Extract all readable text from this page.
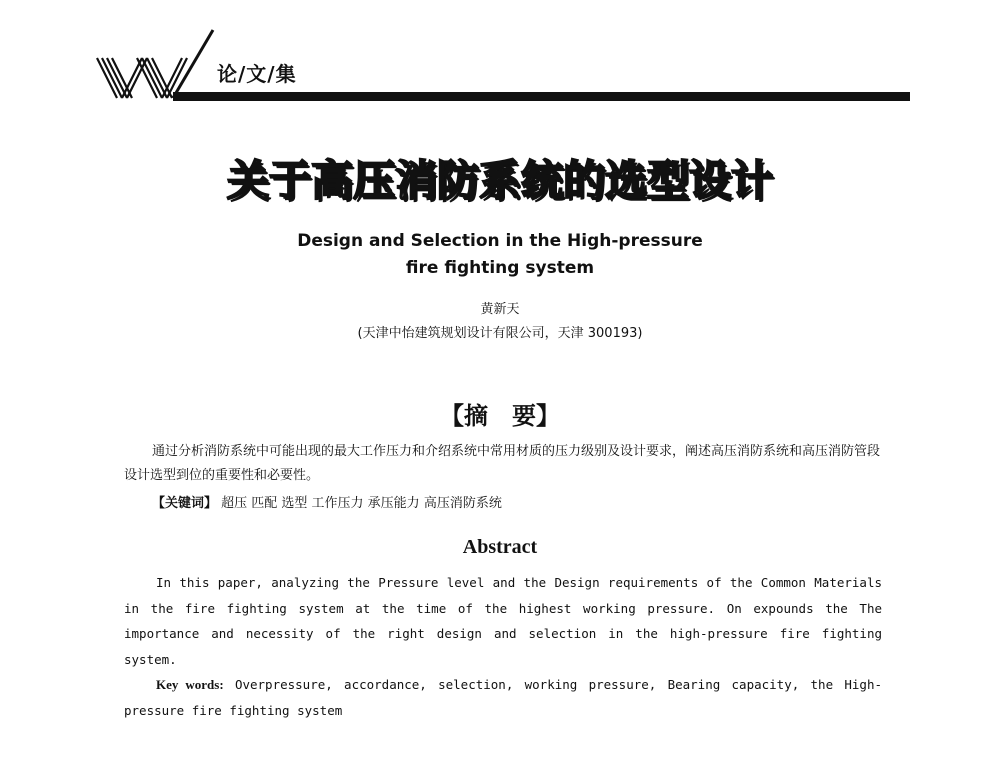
论/文/集
关于高压消防系统的选型设计
Design and Selection in the High-pressure
fire fighting system
黄新天
(天津中怡建筑规划设计有限公司，天津 300193)
【摘　要】
通过分析消防系统中可能出现的最大工作压力和介绍系统中常用材质的压力级别及设计要求，阐述高压消防系统和高压消防管段设计选型到位的重要性和必要性。
【关键词】 超压 匹配 选型 工作压力 承压能力 高压消防系统
Abstract
In this paper, analyzing the Pressure level and the Design requirements of the Common Materials in the fire fighting system at the time of the highest working pressure. On expounds the The importance and necessity of the right design and selection in the high-pressure fire fighting system.
Key words: Overpressure, accordance, selection, working pressure, Bearing capacity, the High-pressure fire fighting system
